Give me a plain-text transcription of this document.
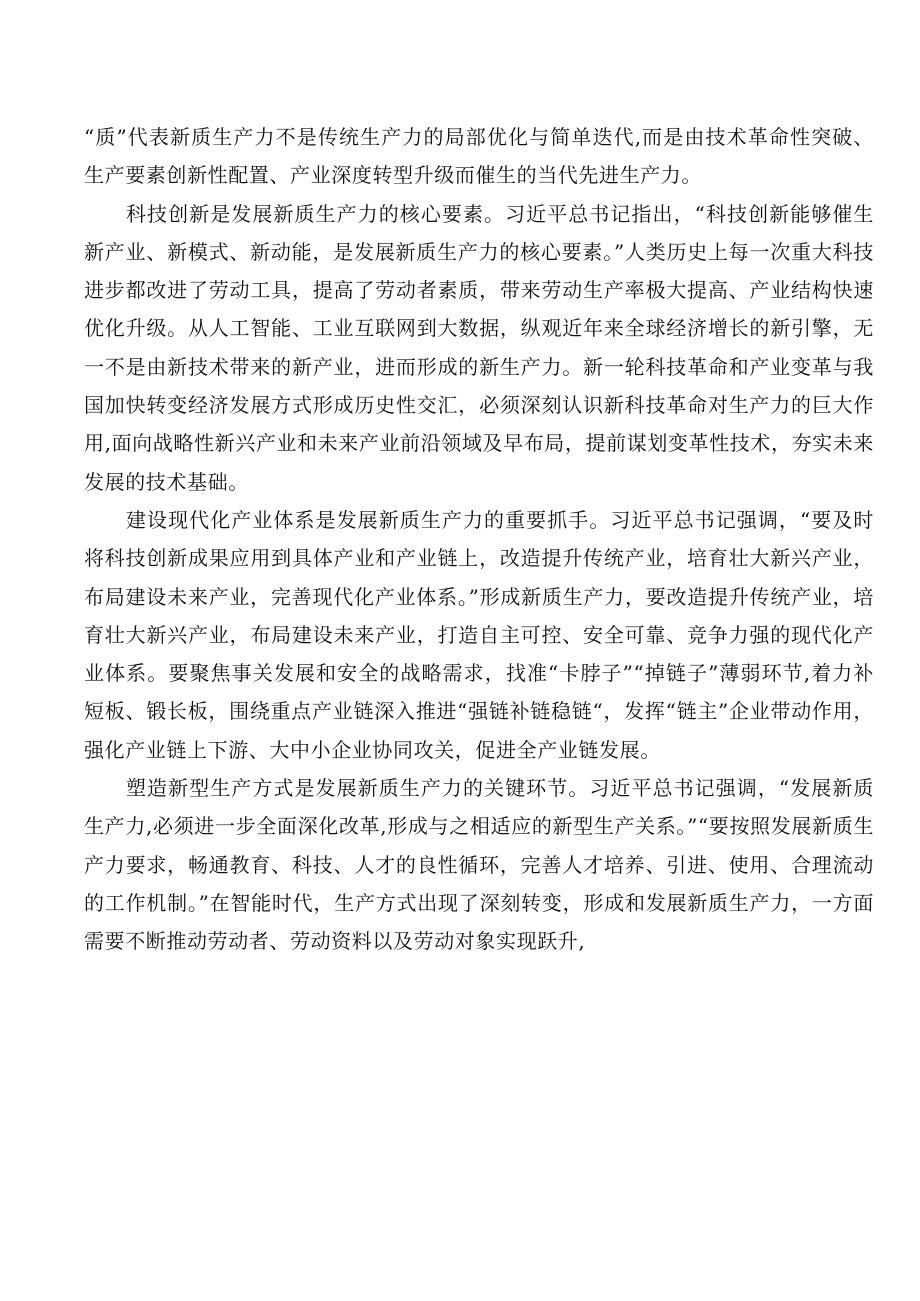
“质”代表新质生产力不是传统生产力的局部优化与简单迭代,而是由技术革命性突破、生产要素创新性配置、产业深度转型升级而催生的当代先进生产力。

科技创新是发展新质生产力的核心要素。习近平总书记指出，“科技创新能够催生新产业、新模式、新动能，是发展新质生产力的核心要素。”人类历史上每一次重大科技进步都改进了劳动工具，提高了劳动者素质，带来劳动生产率极大提高、产业结构快速优化升级。从人工智能、工业互联网到大数据，纵观近年来全球经济增长的新引擎，无一不是由新技术带来的新产业，进而形成的新生产力。新一轮科技革命和产业变革与我国加快转变经济发展方式形成历史性交汇，必须深刻认识新科技革命对生产力的巨大作用,面向战略性新兴产业和未来产业前沿领域及早布局，提前谋划变革性技术，夯实未来发展的技术基础。

建设现代化产业体系是发展新质生产力的重要抓手。习近平总书记强调，“要及时将科技创新成果应用到具体产业和产业链上，改造提升传统产业，培育壮大新兴产业，布局建设未来产业，完善现代化产业体系。”形成新质生产力，要改造提升传统产业，培育壮大新兴产业，布局建设未来产业，打造自主可控、安全可靠、竞争力强的现代化产业体系。要聚焦事关发展和安全的战略需求，找准“卡脖子”“掉链子”薄弱环节,着力补短板、锻长板，围绕重点产业链深入推进“强链补链稳链“，发挥“链主”企业带动作用，强化产业链上下游、大中小企业协同攻关，促进全产业链发展。

塑造新型生产方式是发展新质生产力的关键环节。习近平总书记强调，“发展新质生产力,必须进一步全面深化改革,形成与之相适应的新型生产关系。”“要按照发展新质生产力要求，畅通教育、科技、人才的良性循环，完善人才培养、引进、使用、合理流动的工作机制。”在智能时代，生产方式出现了深刻转变，形成和发展新质生产力，一方面需要不断推动劳动者、劳动资料以及劳动对象实现跃升,
